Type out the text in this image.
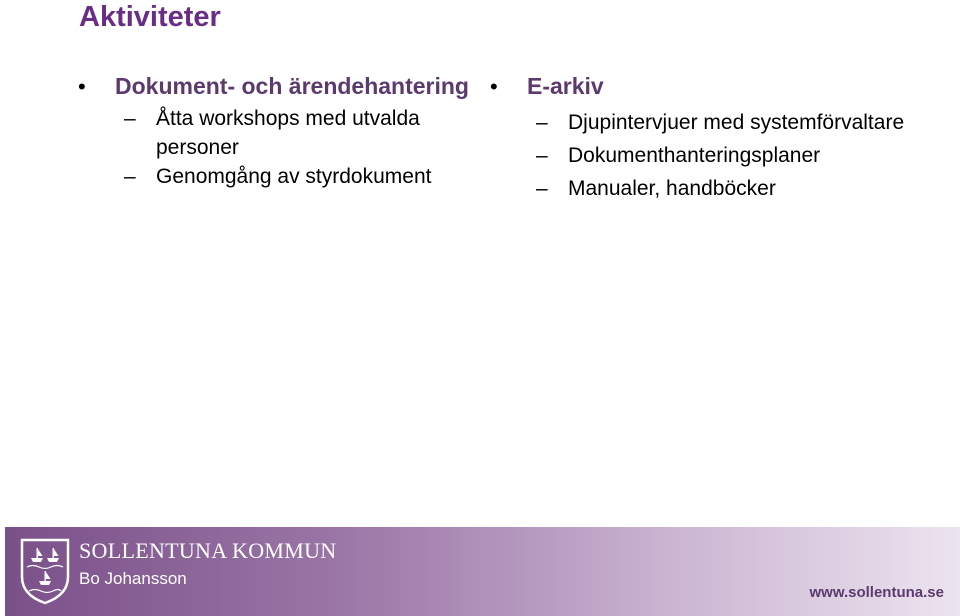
Aktiviteter
• Dokument- och ärendehantering
– Åtta workshops med utvalda personer
– Genomgång av styrdokument
• E-arkiv
– Djupintervjuer med systemförvaltare
– Dokumenthanteringsplaner
– Manualer, handböcker
SOLLENTUNA KOMMUN
Bo Johansson
www.sollentuna.se
